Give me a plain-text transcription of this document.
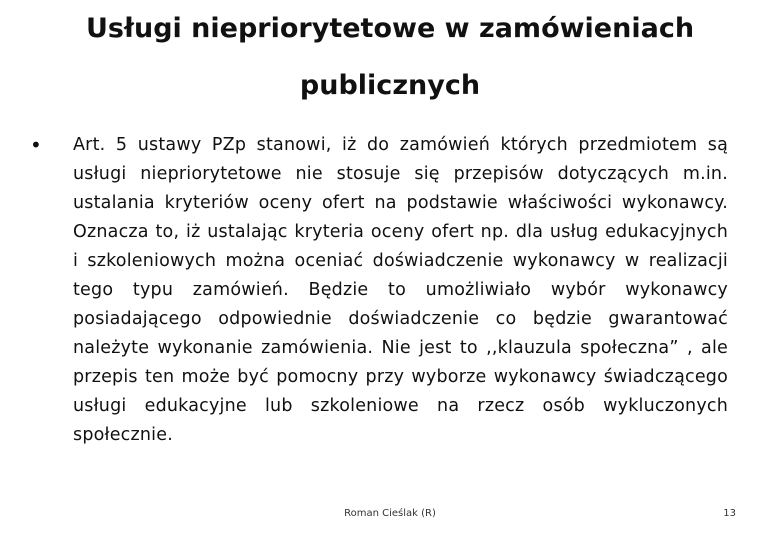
Usługi niepriorytetowe w zamówieniach publicznych
• Art. 5 ustawy PZp stanowi, iż do zamówień których przedmiotem są usługi niepriorytetowe nie stosuje się przepisów dotyczących m.in. ustalania kryteriów oceny ofert na podstawie właściwości wykonawcy. Oznacza to, iż ustalając kryteria oceny ofert np. dla usług edukacyjnych i szkoleniowych można oceniać doświadczenie wykonawcy w realizacji tego typu zamówień. Będzie to umożliwiało wybór wykonawcy posiadającego odpowiednie doświadczenie co będzie gwarantować należyte wykonanie zamówienia. Nie jest to ,,klauzula społeczna” , ale przepis ten może być pomocny przy wyborze wykonawcy świadczącego usługi edukacyjne lub szkoleniowe na rzecz osób wykluczonych społecznie.

Roman Cieślak (R)	13
